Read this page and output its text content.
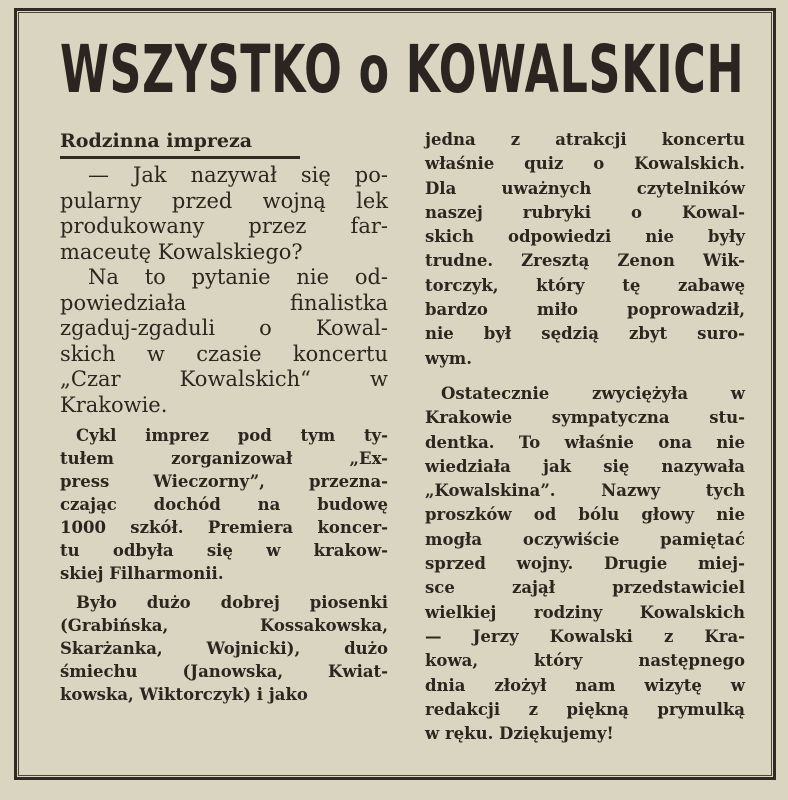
WSZYSTKO o KOWALSKICH
Rodzinna impreza
— Jak nazywał się po-
pularny przed wojną lek
produkowany przez far-
maceutę Kowalskiego?
Na to pytanie nie od-
powiedziała finalistka
zgaduj-zgaduli o Kowal-
skich w czasie koncertu
„Czar Kowalskich“ w
Krakowie.
Cykl imprez pod tym ty-
tułem zorganizował „Ex-
press Wieczorny”, przezna-
czając dochód na budowę
1000 szkół. Premiera koncer-
tu odbyła się w krakow-
skiej Filharmonii.
Było dużo dobrej piosenki
(Grabińska, Kossakowska,
Skarżanka, Wojnicki), dużo
śmiechu (Janowska, Kwiat-
kowska, Wiktorczyk) i jako
jedna z atrakcji koncertu
właśnie quiz o Kowalskich.
Dla uważnych czytelników
naszej rubryki o Kowal-
skich odpowiedzi nie były
trudne. Zresztą Zenon Wik-
torczyk, który tę zabawę
bardzo miło poprowadził,
nie był sędzią zbyt suro-
wym.
Ostatecznie zwyciężyła w
Krakowie sympatyczna stu-
dentka. To właśnie ona nie
wiedziała jak się nazywała
„Kowalskina”. Nazwy tych
proszków od bólu głowy nie
mogła oczywiście pamiętać
sprzed wojny. Drugie miej-
sce zajął przedstawiciel
wielkiej rodziny Kowalskich
— Jerzy Kowalski z Kra-
kowa, który następnego
dnia złożył nam wizytę w
redakcji z piękną prymulką
w ręku. Dziękujemy!
